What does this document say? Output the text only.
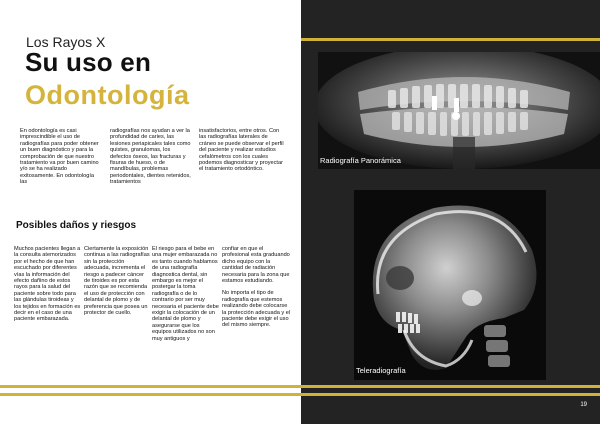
Los Rayos X
Su uso en
Odontología
En odontología es casi imprescindible el uso de radiografías para poder obtener un buen diagnóstico y para la comprobación de que nuestro tratamiento va por buen camino y/o se ha realizado exitosamente. En odontología las
radiografías nos ayudan a ver la profundidad de caries, las lesiones periapicales tales como quistes, granulomas, los defectos óseos, las fracturas y fisuras de hueso, o de mandíbulas, problemas periodontales, dientes retenidos, tratamientos
insatisfactorios, entre otros. Con las radiografías laterales de cráneo se puede observar el perfil del paciente y realizar estudios cefalómetros con los cuales podemos diagnosticar y proyectar el tratamiento ortodóntico.
Posibles daños y riesgos
Muchos pacientes llegan a la consulta atemorizados por el hecho de que han escuchado por diferentes vías la información del efecto dañino de estos rayos para la salud del paciente sobre todo para las glándulas tiroideas y los tejidos en formación es decir en el caso de una paciente embarazada.
Ciertamente la exposición continua a las radiografías sin la protección adecuada, incrementa el riesgo a padecer cáncer de tiroides es por esta razón que se recomienda el uso de protección con delantal de plomo y de preferencia que posea un protector de cuello.
El riesgo para el bebe en una mujer embarazada no es tanto cuando hablamos de una radiografía diagnostica dental, sin embargo es mejor el postergar la toma radiografía o de lo contrario por ser muy necesaria el paciente debe exigir la colocación de un delantal de plomo y asegurarse que los equipos utilizados no son muy antiguos y
confiar en que el profesional esta graduando dicho equipo con la cantidad de radiación necesaria para la zona que estamos estudiando.
No importa el tipo de radiografía que estemos realizando debe colocarse la protección adecuada y el paciente debe exigir el uso del mismo siempre.
Radiografía Panorámica
Teleradiografía
19
